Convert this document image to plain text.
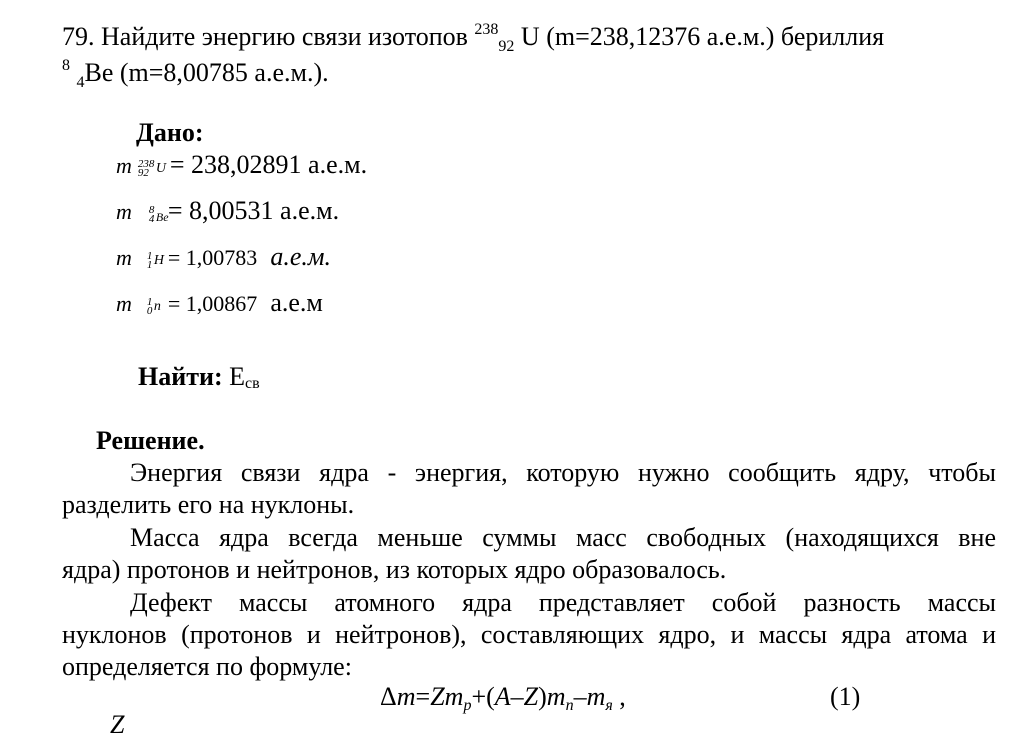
79. Найдите энергию связи изотопов $^{238}_{92}$ U (m=238,12376 а.е.м.) бериллия
$^8$ $_4$Be (m=8,00785 а.е.м.).
Дано:
m 238
92 U = 238,02891 а.е.м.
m 8
4 Be = 8,00531 а.е.м.
m 1
1 H = 1,00783 а.е.м.
m 1
0 n = 1,00867 а.е.м
Найти: Eсв
Решение.
Энергия связи ядра - энергия, которую нужно сообщить ядру, чтобы
разделить его на нуклоны.
Масса ядра всегда меньше суммы масс свободных (находящихся вне
ядра) протонов и нейтронов, из которых ядро образовалось.
Дефект массы атомного ядра представляет собой разность массы
нуклонов (протонов и нейтронов), составляющих ядро, и массы ядра атома и
определяется по формуле:
Δm=Zmp+(A–Z)mn–mя ,	(1)
Z
